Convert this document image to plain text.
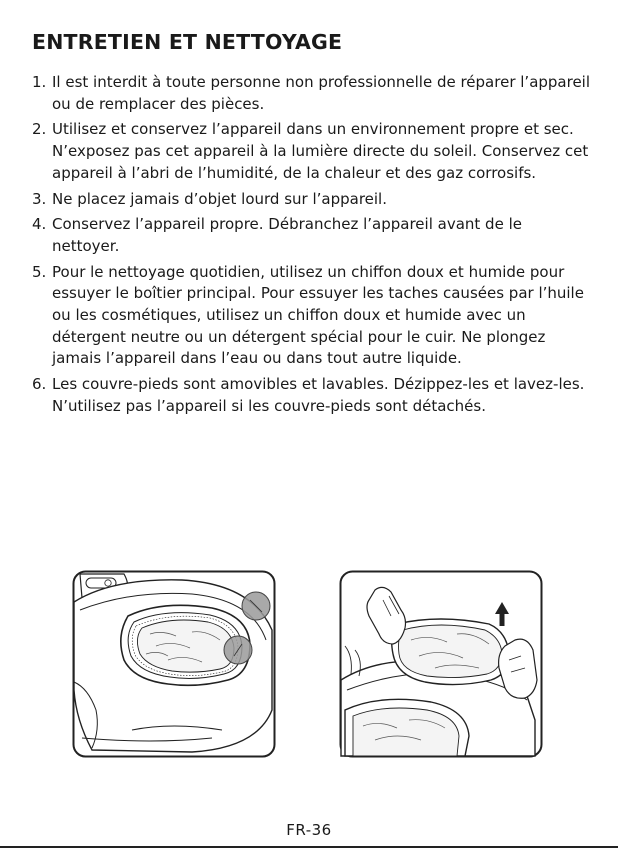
ENTRETIEN ET NETTOYAGE
1. Il est interdit à toute personne non professionnelle de réparer l’appareil ou de remplacer des pièces.
2. Utilisez et conservez l’appareil dans un environnement propre et sec. N’exposez pas cet appareil à la lumière directe du soleil. Conservez cet appareil à l’abri de l’humidité, de la chaleur et des gaz corrosifs.
3. Ne placez jamais d’objet lourd sur l’appareil.
4. Conservez l’appareil propre. Débranchez l’appareil avant de le nettoyer.
5. Pour le nettoyage quotidien, utilisez un chiffon doux et humide pour essuyer le boîtier principal. Pour essuyer les taches causées par l’huile ou les cosmétiques, utilisez un chiffon doux et humide avec un détergent neutre ou un détergent spécial pour le cuir. Ne plongez jamais l’appareil dans l’eau ou dans tout autre liquide.
6. Les couvre-pieds sont amovibles et lavables. Dézippez-les et lavez-les. N’utilisez pas l’appareil si les couvre-pieds sont détachés.
FR-36
